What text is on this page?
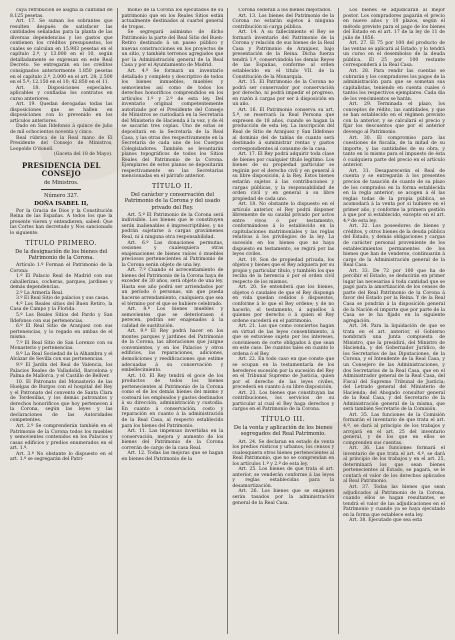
cuya retribución se asigna la cantidad de 8.125 pesetas.

Art. 17. Se suman los sobrantes que resulten después de satisfacer las cantidades señaladas para la planta de las diversas dependencias y los gastos que contienen los créditos presupuestos, los cuales se calculan en 15.983 pesetas en el capítulo 2.º, y 13.000 en el 10, según detalladamente se expresan en este Real Decreto. Se entregarán en los créditos consignados anteriormente 1.850 pesetas en el capítulo 2.º, 2.000 en el art. 28; 2.500 en el 5.º; 12.150 en el 10; 42.850 en el 11.

Art. 18. Disposiciones especiales. aplicables y confiadas los contratos en curso anteriores.

Art. 19. Quedan derogadas todas las disposiciones que se hallen en disposiciones con lo prevenido en los artículos anteriores.

Dado en San Ildefonso á quince de julio de mil ochocientos noventa y cinco.

Real rúbrica de la Real mano de El Presidente del Consejo de Ministros, Leopoldo O'donell.

(Gaceta del 18 de Mayo).

PRESIDENCIA DEL CONSEJO
de Ministros.
Número 327.
DOÑA ISABEL II,

Por la Gracia de Dios y la Constitución Reina de las Españas. A todos los que la presente vieren y entendieren, sabed: Que las Cortes han decretado y Nos sancionado lo siguiente.

TÍTULO PRIMERO.
De la designación de los bienes del Patrimonio de la Corona.

Artículo 1.º Forman el Patrimonio de la Corona:

1.º El Palacio Real de Madrid con sus caballerizas, cocheras, parques, jardines y demás dependencias.

2.º La Armería Real.

3.º El Real Sitio de palacios y sus casas.

4.º Los Reales sitios del Buen Retiro, la Casa de Campo y la Florida.

5.º Los Reales Sitios del Pardo y San Ildefonso con sus pertenencias.

6.º El Real Sitio de Aranjuez con sus pertenencias, y lo regado en ambas de el mismo.

7.º El Real Sitio de San Lorenzo con su Monasterio y pertenencias.

8.º La Real Sociedad de la Alhambra y el Alcázar de Sevilla con sus pertenencias.

9.º El Jardín del Real de Valencia, los Palacios Reales de Valladolid, Barcelona y Palma de Mallorca, y el Castillo de Bellver.

10. El Patronato del Monasterio de las Huelgas de Burgos con el hospital del Rey y el Patronato del convento de Santa Clara de Tordesillas, y los demás patronatos y derechos honoríficos que hoy pertenecen á la Corona, según las leyes y las declaraciones de las Autoridades competentes.

Art. 2.º Se comprenderán también en el Patrimonio de la Corona todos los muebles y semovientes contenidos en los Palacios y casas edificios y predios enumerados en el art. 1.º.

Art. 3.º No obstante lo dispuesto en el art. 1.º se segregarán del Patri-

monio de la Corona los ejecutados de su patrimonio que en los Reales Sitios están actualmente destinados al cuartel general de tropas.

Se segregará asimismo de dicho Patrimonio la parte del Real Sitio del Buen-Retiro destinado á un paseo público y nuevas construcciones en los proyectos de un sitio, y también terrenos agregados que por la Administración general de la Real Casa y por el Ayuntamiento de Madrid.

Art. 4.º Se formará un inventario detallado y completo y descriptivo de todos los bienes inmuebles, muebles y semovientes así como de todos los derechos honoríficos comprendidos en los artículos 1.º y 2.º de esta ley. Del inventario original competentemente autorizado por el Presidente del Consejo de Ministros se custodiará en la Secretaría del Ministerio de Hacienda á la vez, y de él se sacarán tres copias. Uno de estas se depositará en la Secretaría de la Real Casa, y las otras dos respectivamente en la Secretaría de cada uno de los Cuerpos Colegisladores. También se levantarán planos topográficos de todos los Sitios Reales del Patrimonio de la Corona. Ejemplares de estos planos se depositarán respectivamente en las Secretarías mencionadas en el párrafo anterior.

TÍTULO II.
Del carácter y conservación del Patrimonio de la Corona y del usado privado del Rey.

Art. 5.º El Patrimonio de la Corona será indivisible. Los bienes que le constituyen serán inalienables é imprescriptibles, y no podrán sujetarse á cargas gravámenes Real, ni á ninguna otra responsabilidad.

Art. 6.º Las donaciones permutas, cesiones y cualesquiera otras enajenaciones de bienes raíces ó muebles preciosos pertenecientes al Patrimonio de la Corona serán objeto de una ley.

Art. 7.º Cuando el acrecentamiento de bienes del Patrimonio de la Corona haya de exceder de 30 años, será objeto de una ley. Hasta ese año podrá ser arriendados por un período ó personas, sin que pueda hacerse arrendamiento, cualquiera que sea el término por el que se hubiere celebrado.

Art. 8.º Los bienes muebles y semovientes que se deteriorasen ó perecen, podrán ser enajenados á la calidad de sustitución.

Art. 9.º El Rey podrá hacer en los montes parques y jardines del Patrimonio de la Corona, las alteraciones que juzgue convenientes, y en los Palacios y otros edificios, las reparaciones, adiciones, demoliciones y reedificaciones que estime adecuadas á su conservación y embellecimiento.

Art. 10. El Rey tendrá el goce de los productos de todos los bienes pertenecientes al Patrimonio de la Corona como el de los demás bienes del mismo y costeará los empleados y gastos destinados á su dirección, administración y custodia. En cuanto á conservación, costo y reparación en cuanto á la administración de la Real Casa, al respecto establecido para los bienes del Patrimonio.

Art. 11. Las impensas invertidas en la conservación, mejora y aumento de los bienes del Patrimonio de la Corona correrán de cargo de la casa Real.

Art. 12. Todas las mejoras que se hagan en bienes del Patrimonio de la

Corona cederán á los bienes mejorados.

Art. 13. Los bienes del Patrimonio de la Corona no estarán sujetos á ninguna contribución ni carga pública.

Art. 14. A su fallecimiento el Rey se formará inventario del Patrimonio de la Corona y relación de sus bienes de la Real Casa y Patrimonio de Aranjuez, bajo presentación de la Reina. Dicha fuerza tendrá 1.º, conservándola los demás Reyes de las Españas, conforme al orden establecido en el título VII. de la Constitución de la Monarquía.

Art. 15. El Patrimonio de la Corona no podrá ser conservador por conservación por derecho, ni podrá impedir el progreso, en razón á cargas por ser á disposición en un año.

Art. 16. El Patrimonio conserva su art. 5.º, se reservará la Real Persona que expresen de 18 años, cuando se hagan la producción de esta ley. La inscripción del Real de Sitio de Aranjuez y San Ildefonso al dominio del de tablas de cuanto será destinado á suministrar rentas y gastos correspondientes al consumo de la casa.

Art. 17. El Rey podrá adquirir toda clase de bienes por cualquier título legítimo. Los bienes de su propiedad particular se regirán por el derecho civil y en general á su libre disposición, á la Rey. Estos bienes estarán sujetos á las contribuciones y cargas públicas, y la responsabilidad de orden civil y en general á su libre propiedad de cada uno.

Art. 18. No obstante lo dispuesto en el artículo anterior, el Rey podrá disponer libremente de su caudal privado por actos entre vivos ó por testamento, conformándose á lo establecido en la capitulaciones matrimoniales y las reglas relativas á los privilegios de la ley. La sucesión en los bienes que no haya dispuesto en testamento, se regirá por las leyes civiles.

Art. 19. Son de propiedad privada, los objetos y bienes que el Rey adquiera por su propio y particular título, y también los que reciba de la herencia ó por el orden civil respecto de los mismos.

Art. 20. Se entenderá que los bienes, objetos ó caudales de que el Rey disponga en vida quedan cedidos ó dispuestos, conforme á lo que el Rey ordene; y de no hacerlo, el testamento, á aquellos á quienes por derecho ó á quien el Rey ordene sucederá en el patrimonio.

Art. 21. Los que como conciertos hagan en virtud de las leyes consentimiento, á que se estuviese sujeto por los intereses, conviniesen de corte obligados á que sean en este caso. De cuantos tales en cuanto lo ordena ó el Rey.

Art. 22. En todo caso en que conste que se ocupan en la testamentaría de los herederos sucesión por la sucesión del Rey en el Tribunal Supremo de Justicia, quien por el derecho de las leyes civiles, procederá en cuanto á su libre disposición.

Art. 23. Los bienes que constituyan las contribuciones, los servicios de su particular al cual el Rey haga derechos y cargos en el Patrimonio de la Corona.

TÍTULO III.
De la venta y aplicación de los bienes segregados del Real Patrimonio.

Art. 24. Se declaran en estado de venta los predios rústicos y urbanos, los censos y cualesquiera otros bienes pertenecientes al Real Patrimonio, que no se comprendan en los artículos 1.º y 2.º de esta ley.

Art. 25. Los bienes de que trata el art. anterior, se venderán conforme á las leyes y reglas establecidas para la desamortización.

Art. 26. Los bienes que se enajenen serán tasados por la administración general de la Real Casa.

Los bienes se adjudicarán al mejor postor. Los compradores pagarán el precio en nueve años y 10 plazos, según el método previsto para el pago de los bienes del Estado en el art. 17 de la ley de 11 de julio de 1856.

Art. 27. El 75 por 100 del producto de las ventas se aplicará al Estado, y lo tendrá un curso en el desembolso de la deuda pública. El 25 por 100 restante corresponderá á la Real Casa.

Art. 28. Para rendir las cuentas se cobrarán y los compradores los pagos de la administración para que se sometan sus capitalistas, teniendo en cuenta cuales ó tantos los respectivos ejemplares. Cada día de los vencimientos se harán.

Art. 29. Terminada el plazo, los conceptos de rédito, las cantidades, y que se han establecido en el régimen previsto con la anterior, y se calculará el precio y fijar los descuentos que por el anterior devengo al Patrimonio.

Art. 30. El compromiso para las cuestiones de fiscalía, de la mitad de su importe, y las cantidades de su obra, y tanto en lo mismo para el impuesto de ésta ó cualquiera parte del precio en el artículo anterior.

Art. 31. Desaparecerán el Real de cuenta y se entregarán á los presentes precios de tasación de cuanto de su plazo de los comprados en la forma establecida en la regla anterior; se acogen á él las reglas todas de la propia pública, se acomodará á la venta por si hubiere en el primer año, y conforme la primera gestión á que por si establecido, excepto en el art. 4.º de esta ley.

Art. 32. Los poseedores de bienes y créditos, y otros bienes de la deuda pública del Estado, y demás obligaciones y cargas de carácter personal proveniente de los establecimientos permanentes de los bienes que han de venderse, continuarán á cargo de la Administración general de la Real Casa.

Art. 33. De 72 por 100 que ha de percibir el Estado, se deducirán en primer lugar las necesarias á toda cantidad que se pagó para la amortización de los censos de parte del Real Patrimonio de la Corona á favor del Estado por la Reina. Y de la Real Casa se pondrán á la disposición general de la Nación el importe que por parte de la Casa se le ha fijado en la siguiente agregación.

Art. 34. Para la liquidación de que se trata en el art. anterior, el Gobierno nombrará una Junta compuesta de Ministro, que la presidirá, del Ministro de Hacienda, y del Gobernador Jurídico, de los Secretarios de las Diputaciones, de la Corona, y el Intendente de la Real Casa, y un Consejero de las Administraciones, y dos Secretarios de la Real Casa, que en el Administrador general de la Real Casa, del Fiscal del Supremo Tribunal de Justicia; del Letrado general del Ministerio de Hacienda; del Abogado consultor general de la Real Casa, y del Secretario de la Administración general de la misma, que será también Secretario de la Comisión.

Art. 35. Las funciones de la Comisión formarán el inventario de que trata el art. 4.º, se dará al principio de los trabajos y arrojará en el art. 25 del inventario general, y de los que en ellos se comprenden sus cuentas.

Art. 36. Las funciones formará el inventario de que trata el art. 4.º, se dará al principio de los trabajos y en el art. 25, determinará los que sean bienes pertenecientes al Estado, se pagará, se le contará el valor de los derechos aplicados al Real Patrimonio.

Art. 37. Todas las bienes que sean adjudicados al Patrimonio de la Corona, cuando ellos se hagan resultantes, se tendrá el valor de las adjudicaciones en el Patrimonio y cuando ya se haya ejecutado en la forma que establece esta ley.

Art. 38. Ejecutado que sea esta
